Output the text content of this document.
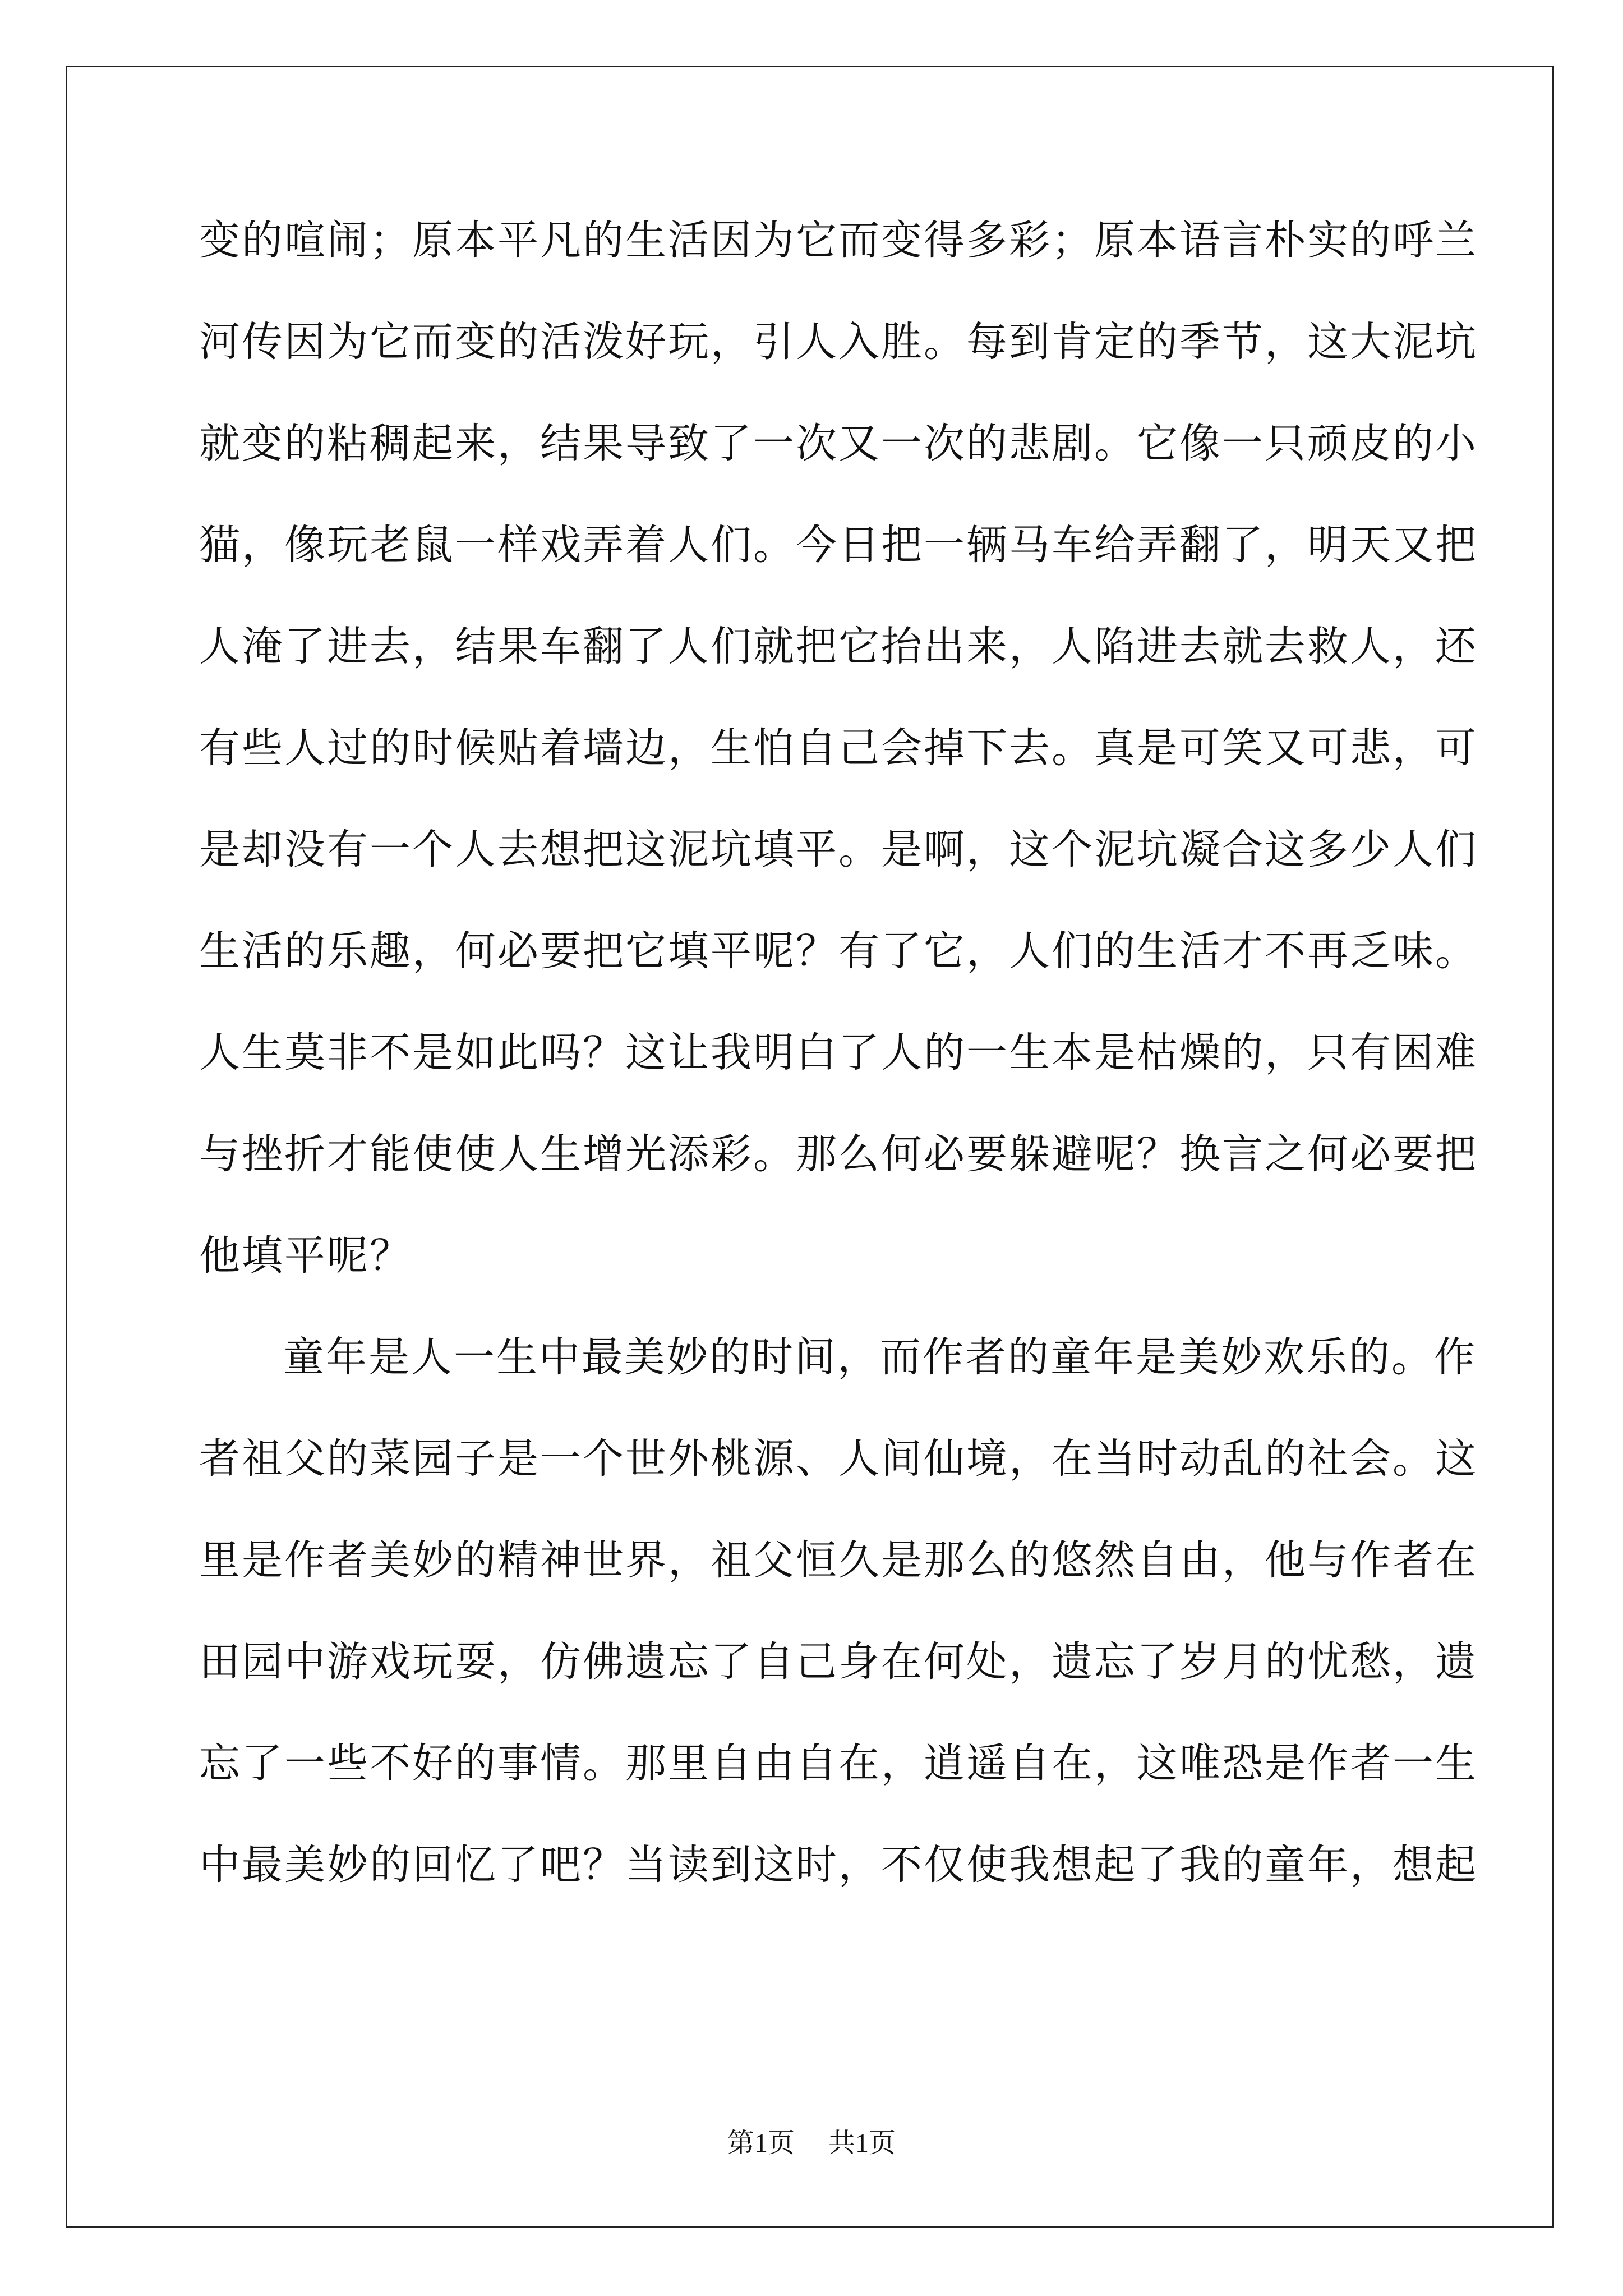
变的喧闹；原本平凡的生活因为它而变得多彩；原本语言朴实的呼兰
河传因为它而变的活泼好玩，引人入胜。每到肯定的季节，这大泥坑
就变的粘稠起来，结果导致了一次又一次的悲剧。它像一只顽皮的小
猫，像玩老鼠一样戏弄着人们。今日把一辆马车给弄翻了，明天又把
人淹了进去，结果车翻了人们就把它抬出来，人陷进去就去救人，还
有些人过的时候贴着墙边，生怕自己会掉下去。真是可笑又可悲，可
是却没有一个人去想把这泥坑填平。是啊，这个泥坑凝合这多少人们
生活的乐趣，何必要把它填平呢？有了它，人们的生活才不再乏味。
人生莫非不是如此吗？这让我明白了人的一生本是枯燥的，只有困难
与挫折才能使使人生增光添彩。那么何必要躲避呢？换言之何必要把
他填平呢？
童年是人一生中最美妙的时间，而作者的童年是美妙欢乐的。作
者祖父的菜园子是一个世外桃源、人间仙境，在当时动乱的社会。这
里是作者美妙的精神世界，祖父恒久是那么的悠然自由，他与作者在
田园中游戏玩耍，仿佛遗忘了自己身在何处，遗忘了岁月的忧愁，遗
忘了一些不好的事情。那里自由自在，逍遥自在，这唯恐是作者一生
中最美妙的回忆了吧？当读到这时，不仅使我想起了我的童年，想起
第1页 共1页
